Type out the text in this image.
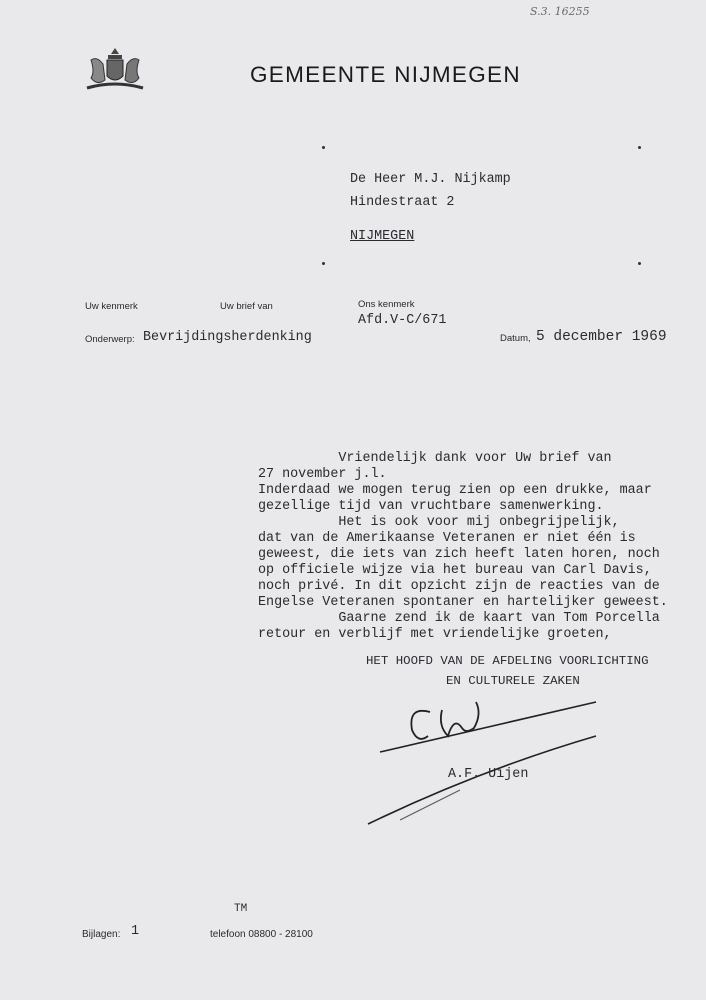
S.3. 16255
GEMEENTE NIJMEGEN
De Heer M.J. Nijkamp
Hindestraat 2
NIJMEGEN
Uw kenmerk	Uw brief van	Ons kenmerk
Afd.V-C/671
Onderwerp: Bevrijdingsherdenking	Datum, 5 december 1969
Vriendelijk dank voor Uw brief van
27 november j.l.
Inderdaad we mogen terug zien op een drukke, maar
gezellige tijd van vruchtbare samenwerking.
Het is ook voor mij onbegrijpelijk,
dat van de Amerikaanse Veteranen er niet één is
geweest, die iets van zich heeft laten horen, noch
op officiele wijze via het bureau van Carl Davis,
noch privé. In dit opzicht zijn de reacties van de
Engelse Veteranen spontaner en hartelijker geweest.
Gaarne zend ik de kaart van Tom Porcella
retour en verblijf met vriendelijke groeten,
HET HOOFD VAN DE AFDELING VOORLICHTING
EN CULTURELE ZAKEN
A.F. Uijen
Bijlagen: 1
TM
telefoon 08800 - 28100
